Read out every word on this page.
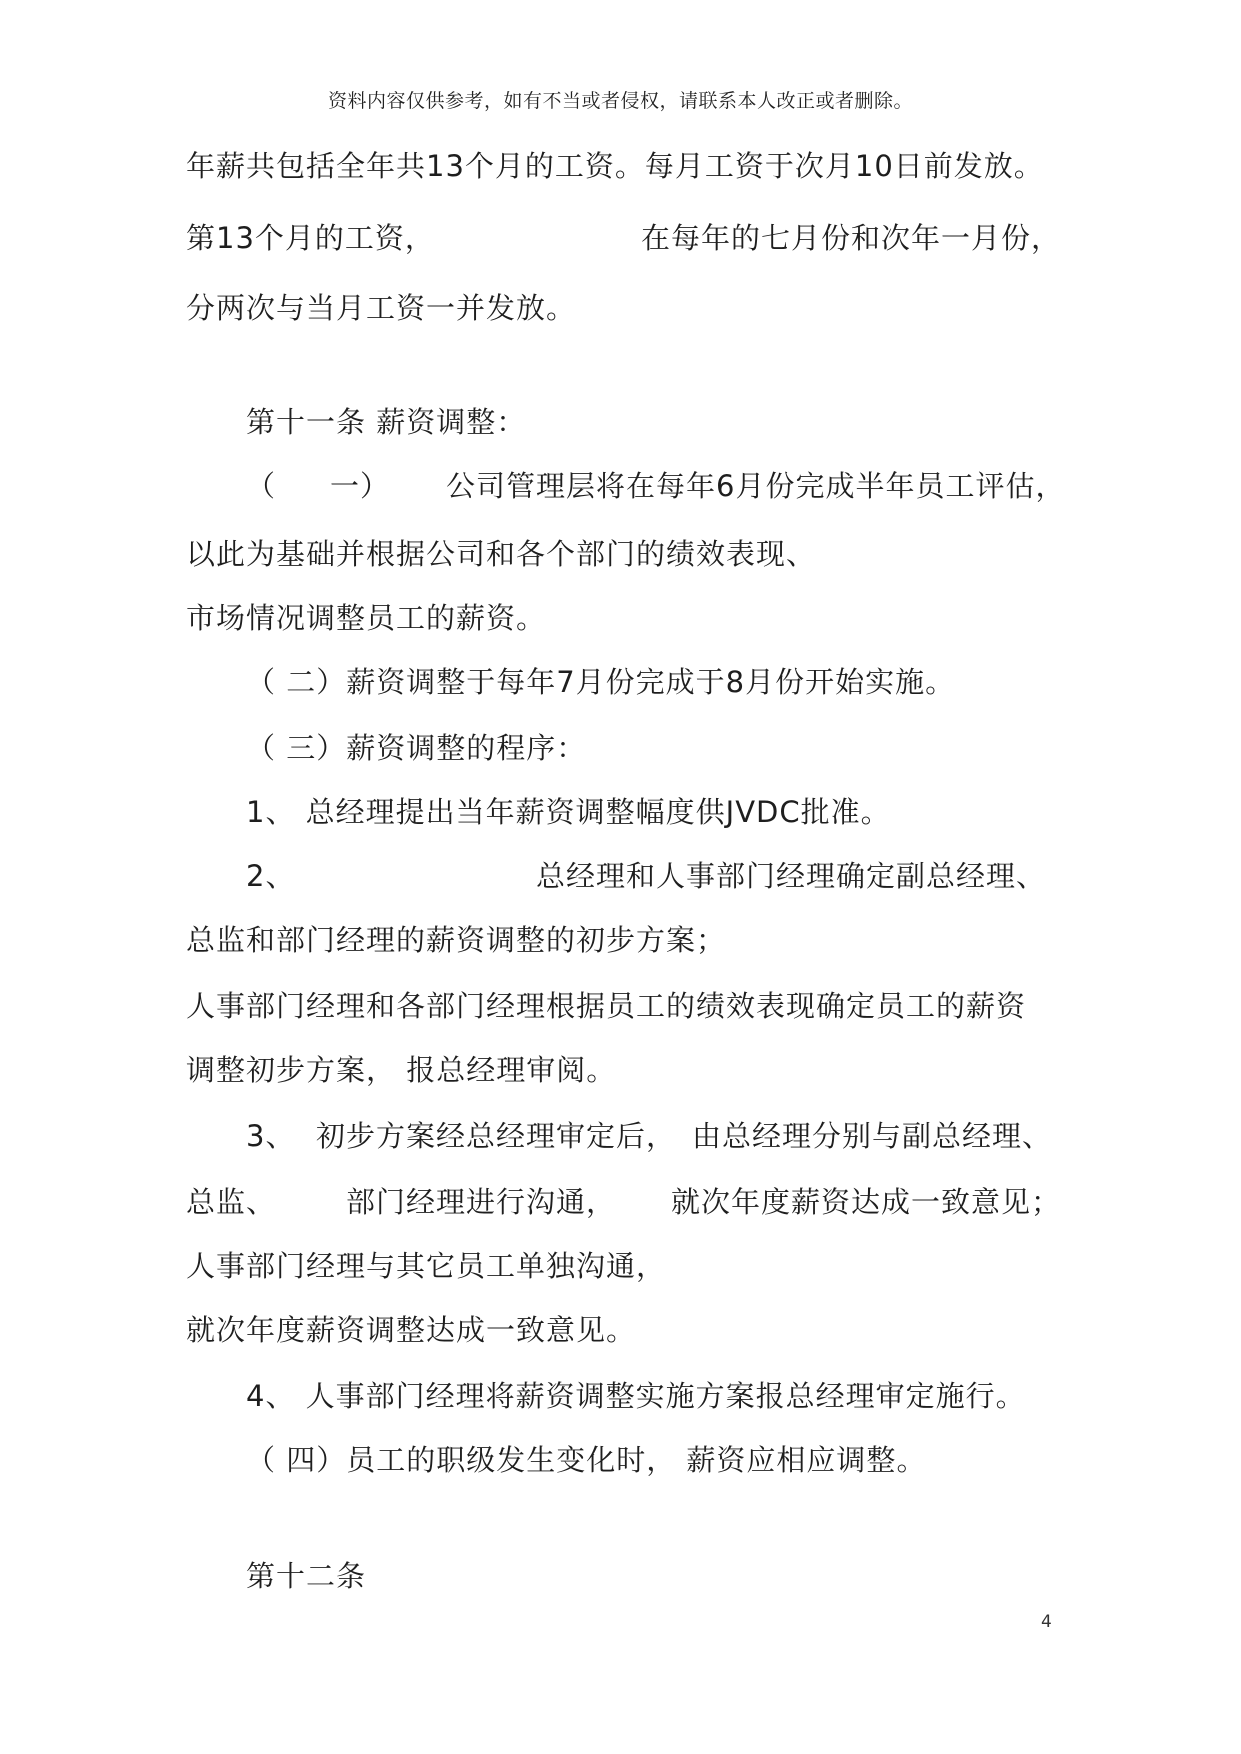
资料内容仅供参考，如有不当或者侵权，请联系本人改正或者删除。
年薪共包括全年共13个月的工资。每月工资于次月10日前发放。
第13个月的工资，	在每年的七月份和次年一月份，
分两次与当月工资一并发放。
第十一条 薪资调整：
（ 一） 公司管理层将在每年6月份完成半年员工评估，
以此为基础并根据公司和各个部门的绩效表现、
市场情况调整员工的薪资。
（ 二）薪资调整于每年7月份完成于8月份开始实施。
（ 三）薪资调整的程序：
1、 总经理提出当年薪资调整幅度供JVDC批准。
2、	总经理和人事部门经理确定副总经理、
总监和部门经理的薪资调整的初步方案；
人事部门经理和各部门经理根据员工的绩效表现确定员工的薪资
调整初步方案， 报总经理审阅。
3、 初步方案经总经理审定后， 由总经理分别与副总经理、
总监、 部门经理进行沟通， 就次年度薪资达成一致意见；
人事部门经理与其它员工单独沟通，
就次年度薪资调整达成一致意见。
4、 人事部门经理将薪资调整实施方案报总经理审定施行。
（ 四）员工的职级发生变化时， 薪资应相应调整。
第十二条
4
